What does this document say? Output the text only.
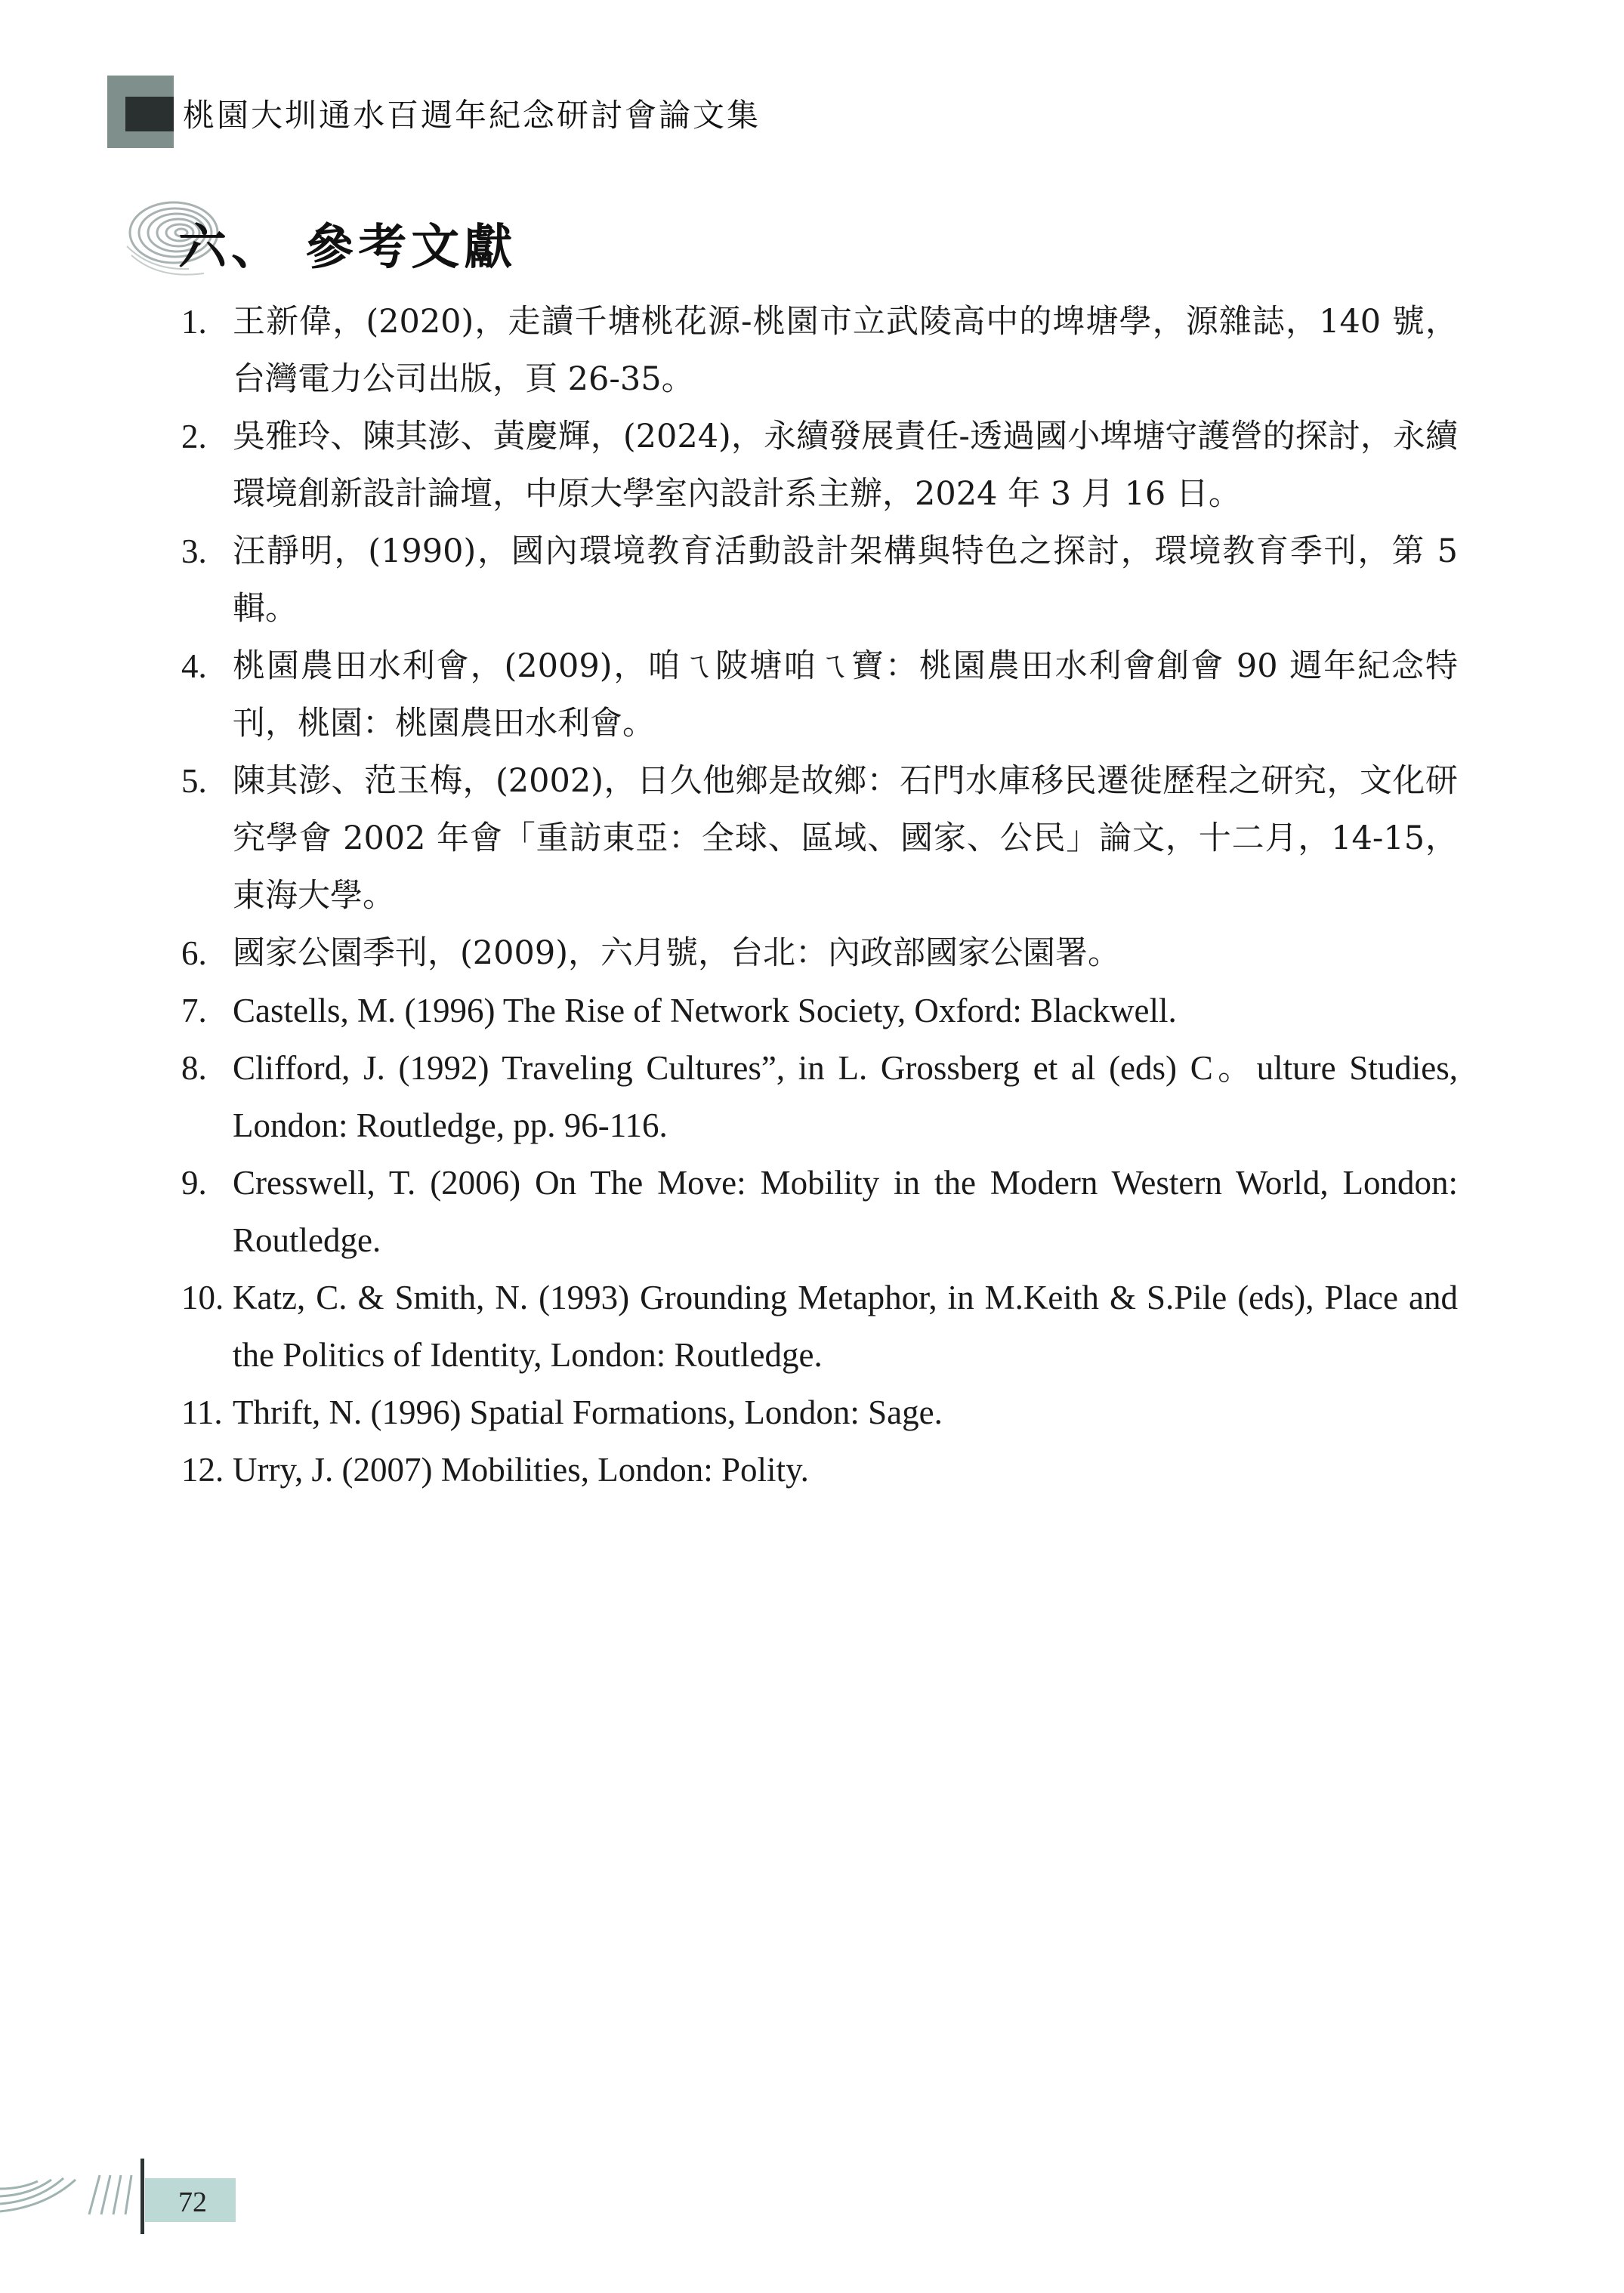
桃園大圳通水百週年紀念研討會論文集
六、 參考文獻
1. 王新偉，(2020)，走讀千塘桃花源-桃園市立武陵高中的埤塘學，源雜誌，140 號，台灣電力公司出版，頁 26-35。
2. 吳雅玲、陳其澎、黃慶輝，(2024)，永續發展責任-透過國小埤塘守護營的探討，永續環境創新設計論壇，中原大學室內設計系主辦，2024 年 3 月 16 日。
3. 汪靜明，(1990)，國內環境教育活動設計架構與特色之探討，環境教育季刊，第 5 輯。
4. 桃園農田水利會，(2009)，咱ㄟ陂塘咱ㄟ寶：桃園農田水利會創會 90 週年紀念特刊，桃園：桃園農田水利會。
5. 陳其澎、范玉梅，(2002)，日久他鄉是故鄉：石門水庫移民遷徙歷程之研究，文化研究學會 2002 年會「重訪東亞：全球、區域、國家、公民」論文，十二月，14-15，東海大學。
6. 國家公園季刊，(2009)，六月號，台北：內政部國家公園署。
7. Castells, M. (1996) The Rise of Network Society, Oxford: Blackwell.
8. Clifford, J. (1992) Traveling Cultures”, in L. Grossberg et al (eds) C。ulture Studies, London: Routledge, pp. 96-116.
9. Cresswell, T. (2006) On The Move: Mobility in the Modern Western World, London: Routledge.
10. Katz, C. & Smith, N. (1993) Grounding Metaphor, in M.Keith & S.Pile (eds), Place and the Politics of Identity, London: Routledge.
11. Thrift, N. (1996) Spatial Formations, London: Sage.
12. Urry, J. (2007) Mobilities, London: Polity.
72
